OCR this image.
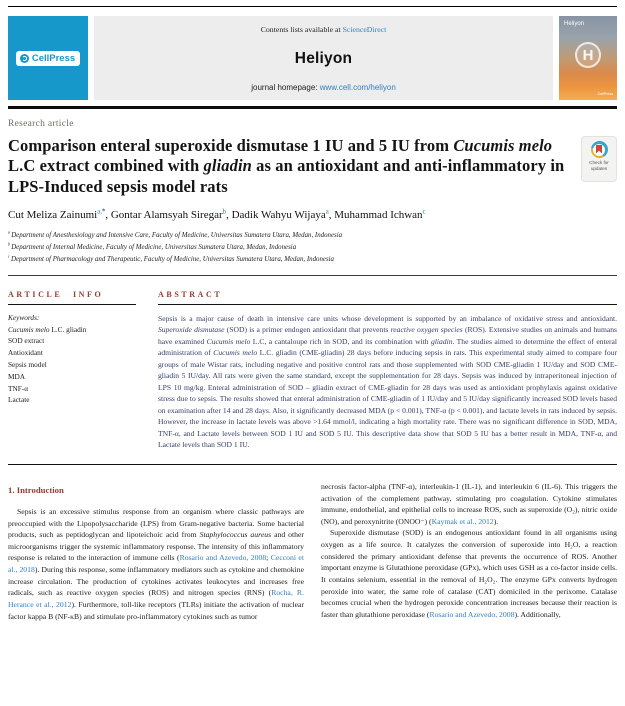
CellPress
Contents lists available at ScienceDirect
Heliyon
journal homepage: www.cell.com/heliyon
Heliyon
H
CellPress
Research article
Comparison enteral superoxide dismutase 1 IU and 5 IU from Cucumis melo L.C extract combined with gliadin as an antioxidant and anti-inflammatory in LPS-Induced sepsis model rats
Check for updates
Cut Meliza Zainumi$^{a,*}$, Gontar Alamsyah Siregar$^b$, Dadik Wahyu Wijaya$^a$, Muhammad Ichwan$^c$
$^a$ Department of Anesthesiology and Intensive Care, Faculty of Medicine, Universitas Sumatera Utara, Medan, Indonesia
$^b$ Department of Internal Medicine, Faculty of Medicine, Universitas Sumatera Utara, Medan, Indonesia
$^c$ Department of Pharmacology and Therapeutic, Faculty of Medicine, Universitas Sumatera Utara, Medan, Indonesia
ARTICLE INFO
Keywords:
Cucumis melo L.C. gliadin
SOD extract
Antioxidant
Sepsis model
MDA
TNF-α
Lactate
ABSTRACT

Sepsis is a major cause of death in intensive care units whose development is supported by an imbalance of oxidative stress and antioxidant. Superoxide dismutase (SOD) is a primer endogen antioxidant that prevents reactive oxygen species (ROS). Extensive studies on animals and humans have examined Cucumis melo L.C, a cantaloupe rich in SOD, and its combination with gliadin. The studies aimed to determine the effect of enteral administration of Cucumis melo L.C. gliadin (CME-gliadin) 28 days before inducing sepsis in rats. This experimental study aimed to compare four groups of male Wistar rats, including negative and positive control rats and those supplemented with SOD CME-gliadin 1 IU/day and SOD CME-gliadin 5 IU/day. All rats were given the same standard, except the supplementation for 28 days. Sepsis was induced by intraperitoneal injection of LPS 10 mg/kg. Enteral administration of SOD – gliadin extract of CME-gliadin for 28 days was used as antioxidant prophylaxis against oxidative stress due to sepsis. The results showed that enteral administration of CME-gliadin of 1 IU/day and 5 IU/day significantly increased SOD levels based on examination after 14 and 28 days. Also, it significantly decreased MDA (p < 0.001), TNF-α (p < 0.001), and lactate levels in rats induced by sepsis. However, the increase in lactate levels was above >1.64 mmol/l, indicating a high mortality rate. There was no significant difference in SOD, MDA, TNF-α, and Lactate levels between SOD 1 IU and SOD 5 IU. This descriptive data show that SOD 5 IU has a better result in MDA, TNF-α, and Lactate levels than SOD 1 IU.

1. Introduction

Sepsis is an excessive stimulus response from an organism where classic pathways are preoccupied with the Lipopolysaccharide (LPS) from Gram-negative bacteria. Some bacterial products, such as peptidoglycan and lipoteichoic acid from Staphylococcus aureus and other microorganisms trigger the systemic inflammatory response. The intensity of this inflammatory response is related to the interaction of immune cells (Rosario and Azevedo, 2008; Cecconi et al., 2018). During this response, some inflammatory mediators such as cytokine and chemokine increase circulation. The production of cytokines activates leukocytes and increases free radicals, such as reactive oxygen species (ROS) and nitrogen species (RNS) (Rocha, R. Herance et al., 2012). Furthermore, toll-like receptors (TLRs) initiate the activation of nuclear factor kappa B (NF-κB) and stimulate pro-inflammatory cytokines such as tumor

necrosis factor-alpha (TNF-α), interleukin-1 (IL-1), and interleukin 6 (IL-6). This triggers the activation of the complement pathway, stimulating pro coagulation. Cytokine stimulates immune, endothelial, and epithelial cells to increase ROS, such as superoxide (O₂), nitric oxide (NO), and peroxynitrite (ONOO⁻) (Kaymak et al., 2012).

Superoxide dismutase (SOD) is an endogenous antioxidant found in all organisms using oxygen as a life source. It catalyzes the conversion of superoxide into H₂O, a reaction considered the primary antioxidant defense that prevents the occurrence of ROS. Another important enzyme is Glutathione peroxidase (GPx), which uses GSH as a co-factor inside cells. It contains selenium, essential in the removal of H₂O₂. The enzyme GPx converts hydrogen peroxide into water, the same role of catalase (CAT) domiciled in the perixome. Catalase becomes crucial when the hydrogen peroxide concentration increases because their reaction is faster than glutathione peroxidase (Rosario and Azevedo, 2008). Additionally,
